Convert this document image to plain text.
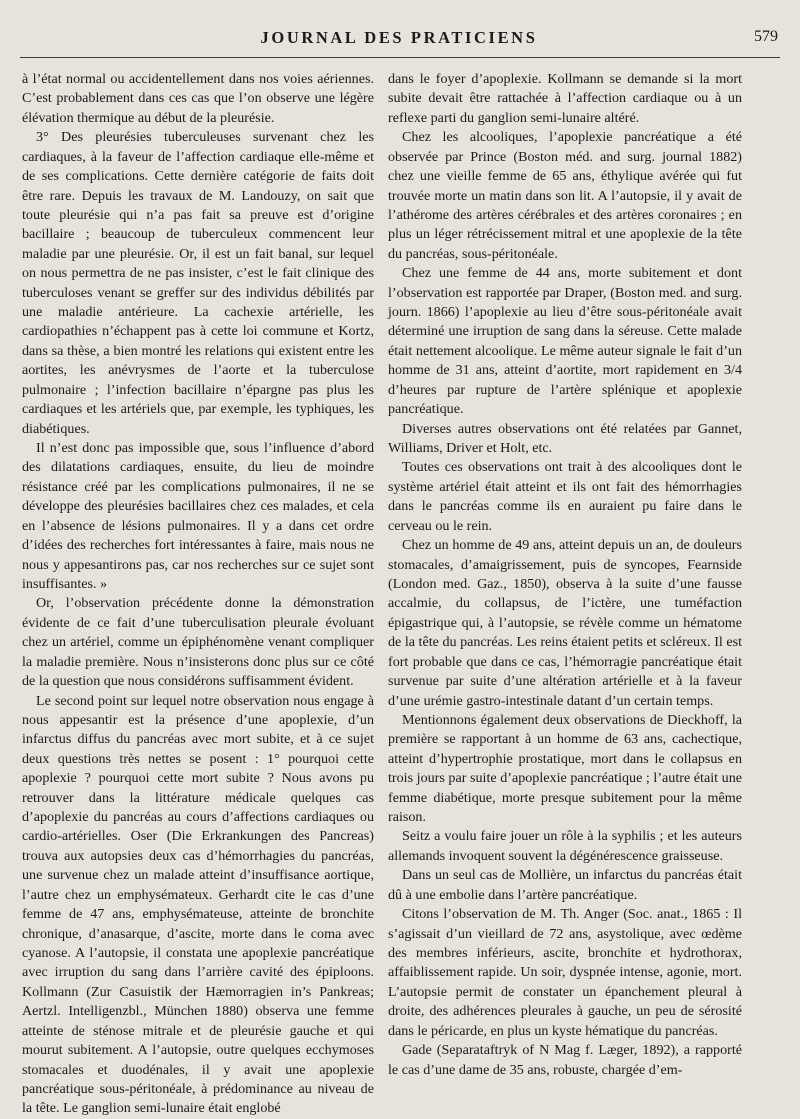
JOURNAL DES PRATICIENS	579

à l’état normal ou accidentellement dans nos voies aériennes. C’est probablement dans ces cas que l’on observe une légère élévation thermique au début de la pleurésie.

3° Des pleurésies tuberculeuses survenant chez les cardiaques, à la faveur de l’affection cardiaque elle-même et de ses complications. Cette dernière catégorie de faits doit être rare. Depuis les travaux de M. Landouzy, on sait que toute pleurésie qui n’a pas fait sa preuve est d’origine bacillaire ; beaucoup de tuberculeux commencent leur maladie par une pleurésie. Or, il est un fait banal, sur lequel on nous permettra de ne pas insister, c’est le fait clinique des tuberculoses venant se greffer sur des individus débilités par une maladie antérieure. La cachexie artérielle, les cardiopathies n’échappent pas à cette loi commune et Kortz, dans sa thèse, a bien montré les relations qui existent entre les aortites, les anévrysmes de l’aorte et la tuberculose pulmonaire ; l’infection bacillaire n’épargne pas plus les cardiaques et les artériels que, par exemple, les typhiques, les diabétiques.

Il n’est donc pas impossible que, sous l’influence d’abord des dilatations cardiaques, ensuite, du lieu de moindre résistance créé par les complications pulmonaires, il ne se développe des pleurésies bacillaires chez ces malades, et cela en l’absence de lésions pulmonaires. Il y a dans cet ordre d’idées des recherches fort intéressantes à faire, mais nous ne nous y appesantirons pas, car nos recherches sur ce sujet sont insuffisantes. »

Or, l’observation précédente donne la démonstration évidente de ce fait d’une tuberculisation pleurale évoluant chez un artériel, comme un épiphénomène venant compliquer la maladie première. Nous n’insisterons donc plus sur ce côté de la question que nous considérons suffisamment évident.

Le second point sur lequel notre observation nous engage à nous appesantir est la présence d’une apoplexie, d’un infarctus diffus du pancréas avec mort subite, et à ce sujet deux questions très nettes se posent : 1° pourquoi cette apoplexie ? pourquoi cette mort subite ? Nous avons pu retrouver dans la littérature médicale quelques cas d’apoplexie du pancréas au cours d’affections cardiaques ou cardio-artérielles. Oser (Die Erkrankungen des Pancreas) trouva aux autopsies deux cas d’hémorrhagies du pancréas, une survenue chez un malade atteint d’insuffisance aortique, l’autre chez un emphysémateux. Gerhardt cite le cas d’une femme de 47 ans, emphysémateuse, atteinte de bronchite chronique, d’anasarque, d’ascite, morte dans le coma avec cyanose. A l’autopsie, il constata une apoplexie pancréatique avec irruption du sang dans l’arrière cavité des épiploons. Kollmann (Zur Casuistik der Hæmorragien in’s Pankreas; Aertzl. Intelligenzbl., München 1880) observa une femme atteinte de sténose mitrale et de pleurésie gauche et qui mourut subitement. A l’autopsie, outre quelques ecchymoses stomacales et duodénales, il y avait une apoplexie pancréatique sous-péritonéale, à prédominance au niveau de la tête. Le ganglion semi-lunaire était englobé

dans le foyer d’apoplexie. Kollmann se demande si la mort subite devait être rattachée à l’affection cardiaque ou à un reflexe parti du ganglion semi-lunaire altéré.

Chez les alcooliques, l’apoplexie pancréatique a été observée par Prince (Boston méd. and surg. journal 1882) chez une vieille femme de 65 ans, éthylique avérée qui fut trouvée morte un matin dans son lit. A l’autopsie, il y avait de l’athérome des artères cérébrales et des artères coronaires ; en plus un léger rétrécissement mitral et une apoplexie de la tête du pancréas, sous-péritonéale.

Chez une femme de 44 ans, morte subitement et dont l’observation est rapportée par Draper, (Boston med. and surg. journ. 1866) l’apoplexie au lieu d’être sous-péritonéale avait déterminé une irruption de sang dans la séreuse. Cette malade était nettement alcoolique. Le même auteur signale le fait d’un homme de 31 ans, atteint d’aortite, mort rapidement en 3/4 d’heures par rupture de l’artère splénique et apoplexie pancréatique.

Diverses autres observations ont été relatées par Gannet, Williams, Driver et Holt, etc.

Toutes ces observations ont trait à des alcooliques dont le système artériel était atteint et ils ont fait des hémorrhagies dans le pancréas comme ils en auraient pu faire dans le cerveau ou le rein.

Chez un homme de 49 ans, atteint depuis un an, de douleurs stomacales, d’amaigrissement, puis de syncopes, Fearnside (London med. Gaz., 1850), observa à la suite d’une fausse accalmie, du collapsus, de l’ictère, une tuméfaction épigastrique qui, à l’autopsie, se révèle comme un hématome de la tête du pancréas. Les reins étaient petits et scléreux. Il est fort probable que dans ce cas, l’hémorragie pancréatique était survenue par suite d’une altération artérielle et à la faveur d’une urémie gastro-intestinale datant d’un certain temps.

Mentionnons également deux observations de Dieckhoff, la première se rapportant à un homme de 63 ans, cachectique, atteint d’hypertrophie prostatique, mort dans le collapsus en trois jours par suite d’apoplexie pancréatique ; l’autre était une femme diabétique, morte presque subitement pour la même raison.

Seitz a voulu faire jouer un rôle à la syphilis ; et les auteurs allemands invoquent souvent la dégénérescence graisseuse.

Dans un seul cas de Mollière, un infarctus du pancréas était dû à une embolie dans l’artère pancréatique.

Citons l’observation de M. Th. Anger (Soc. anat., 1865 : Il s’agissait d’un vieillard de 72 ans, asystolique, avec œdème des membres inférieurs, ascite, bronchite et hydrothorax, affaiblissement rapide. Un soir, dyspnée intense, agonie, mort. L’autopsie permit de constater un épanchement pleural à droite, des adhérences pleurales à gauche, un peu de sérosité dans le péricarde, en plus un kyste hématique du pancréas.

Gade (Separataftryk of N Mag f. Læger, 1892), a rapporté le cas d’une dame de 35 ans, robuste, chargée d’em-
